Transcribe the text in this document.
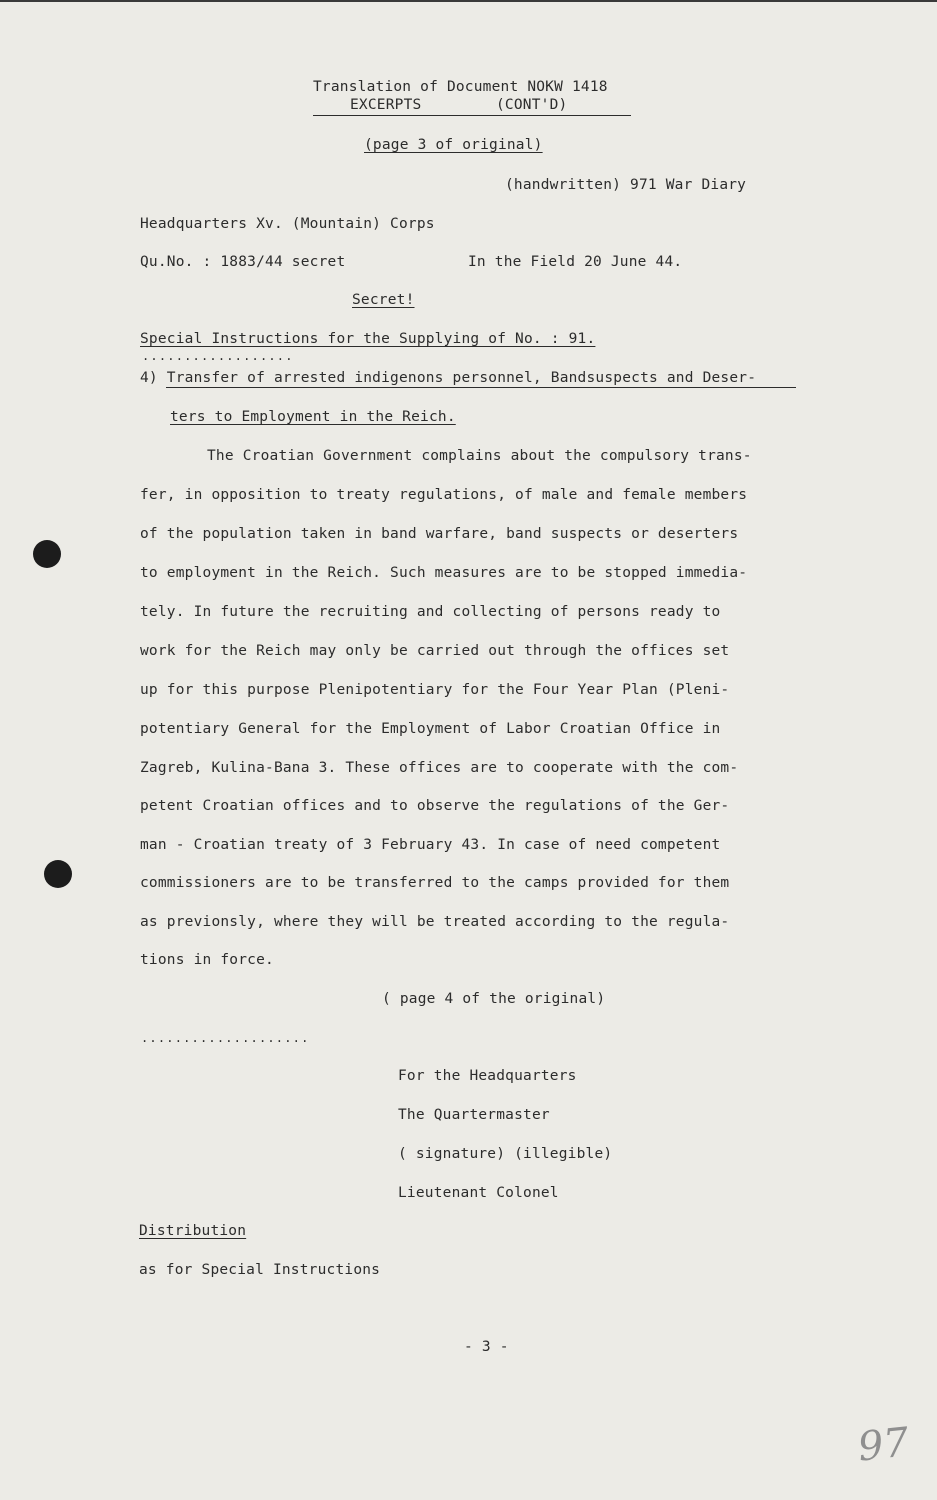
Translation of Document NOKW 1418
EXCERPTS	(CONT'D)
(page 3 of original)
(handwritten) 971 War Diary
Headquarters Xv. (Mountain) Corps
Qu.No. : 1883/44 secret	In the Field 20 June 44.
Secret!
Special Instructions for the Supplying of No. : 91.
..................
4) Transfer of arrested indigenons personnel, Bandsuspects and Deser-
ters to Employment in the Reich.
The Croatian Government complains about the compulsory trans-
fer, in opposition to treaty regulations, of male and female members
of the population taken in band warfare, band suspects or deserters
to employment in the Reich. Such measures are to be stopped immedia-
tely. In future the recruiting and collecting of persons ready to
work for the Reich may only be carried out through the offices set
up for this purpose Plenipotentiary for the Four Year Plan (Pleni-
potentiary General for the Employment of Labor Croatian Office in
Zagreb, Kulina-Bana 3. These offices are to cooperate with the com-
petent Croatian offices and to observe the regulations of the Ger-
man - Croatian treaty of 3 February 43. In case of need competent
commissioners are to be transferred to the camps provided for them
as previonsly, where they will be treated according to the regula-
tions in force.
( page 4 of the original)
....................
For the Headquarters
The Quartermaster
( signature) (illegible)
Lieutenant Colonel
Distribution
as for Special Instructions
- 3 -
97
